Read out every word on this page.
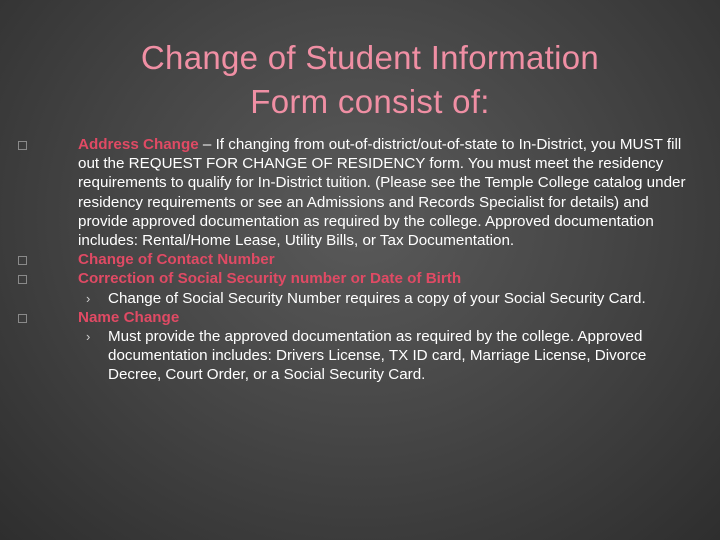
Change of Student Information
Form consist of:

Address Change – If changing from out-of-district/out-of-state to In-District, you MUST fill out the REQUEST FOR CHANGE OF RESIDENCY form. You must meet the residency requirements to qualify for In-District tuition. (Please see the Temple College catalog under residency requirements or see an Admissions and Records Specialist for details) and provide approved documentation as required by the college. Approved documentation includes: Rental/Home Lease, Utility Bills, or Tax Documentation.

Change of Contact Number

Correction of Social Security number or Date of Birth

› Change of Social Security Number requires a copy of your Social Security Card.

Name Change

› Must provide the approved documentation as required by the college. Approved documentation includes: Drivers License, TX ID card, Marriage License, Divorce Decree, Court Order, or a Social Security Card.
